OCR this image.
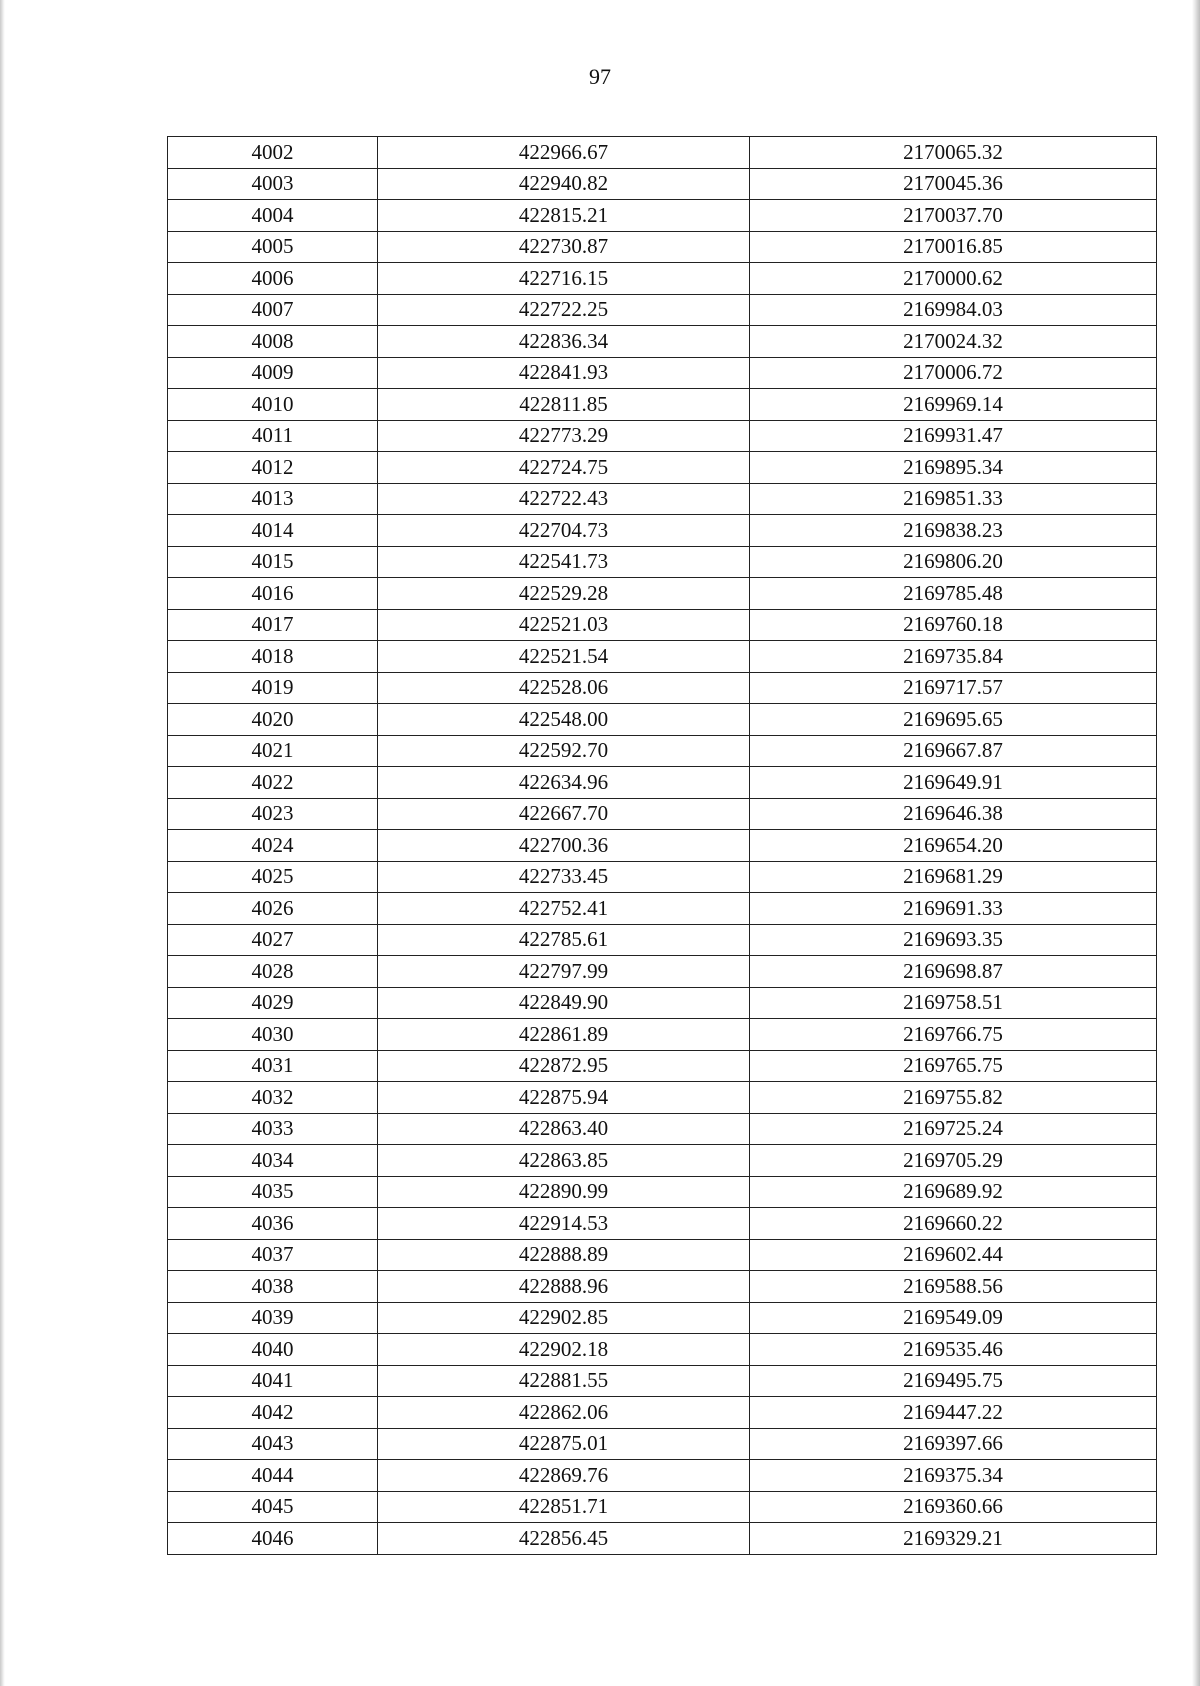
97
4002	422966.67	2170065.32
4003	422940.82	2170045.36
4004	422815.21	2170037.70
4005	422730.87	2170016.85
4006	422716.15	2170000.62
4007	422722.25	2169984.03
4008	422836.34	2170024.32
4009	422841.93	2170006.72
4010	422811.85	2169969.14
4011	422773.29	2169931.47
4012	422724.75	2169895.34
4013	422722.43	2169851.33
4014	422704.73	2169838.23
4015	422541.73	2169806.20
4016	422529.28	2169785.48
4017	422521.03	2169760.18
4018	422521.54	2169735.84
4019	422528.06	2169717.57
4020	422548.00	2169695.65
4021	422592.70	2169667.87
4022	422634.96	2169649.91
4023	422667.70	2169646.38
4024	422700.36	2169654.20
4025	422733.45	2169681.29
4026	422752.41	2169691.33
4027	422785.61	2169693.35
4028	422797.99	2169698.87
4029	422849.90	2169758.51
4030	422861.89	2169766.75
4031	422872.95	2169765.75
4032	422875.94	2169755.82
4033	422863.40	2169725.24
4034	422863.85	2169705.29
4035	422890.99	2169689.92
4036	422914.53	2169660.22
4037	422888.89	2169602.44
4038	422888.96	2169588.56
4039	422902.85	2169549.09
4040	422902.18	2169535.46
4041	422881.55	2169495.75
4042	422862.06	2169447.22
4043	422875.01	2169397.66
4044	422869.76	2169375.34
4045	422851.71	2169360.66
4046	422856.45	2169329.21
